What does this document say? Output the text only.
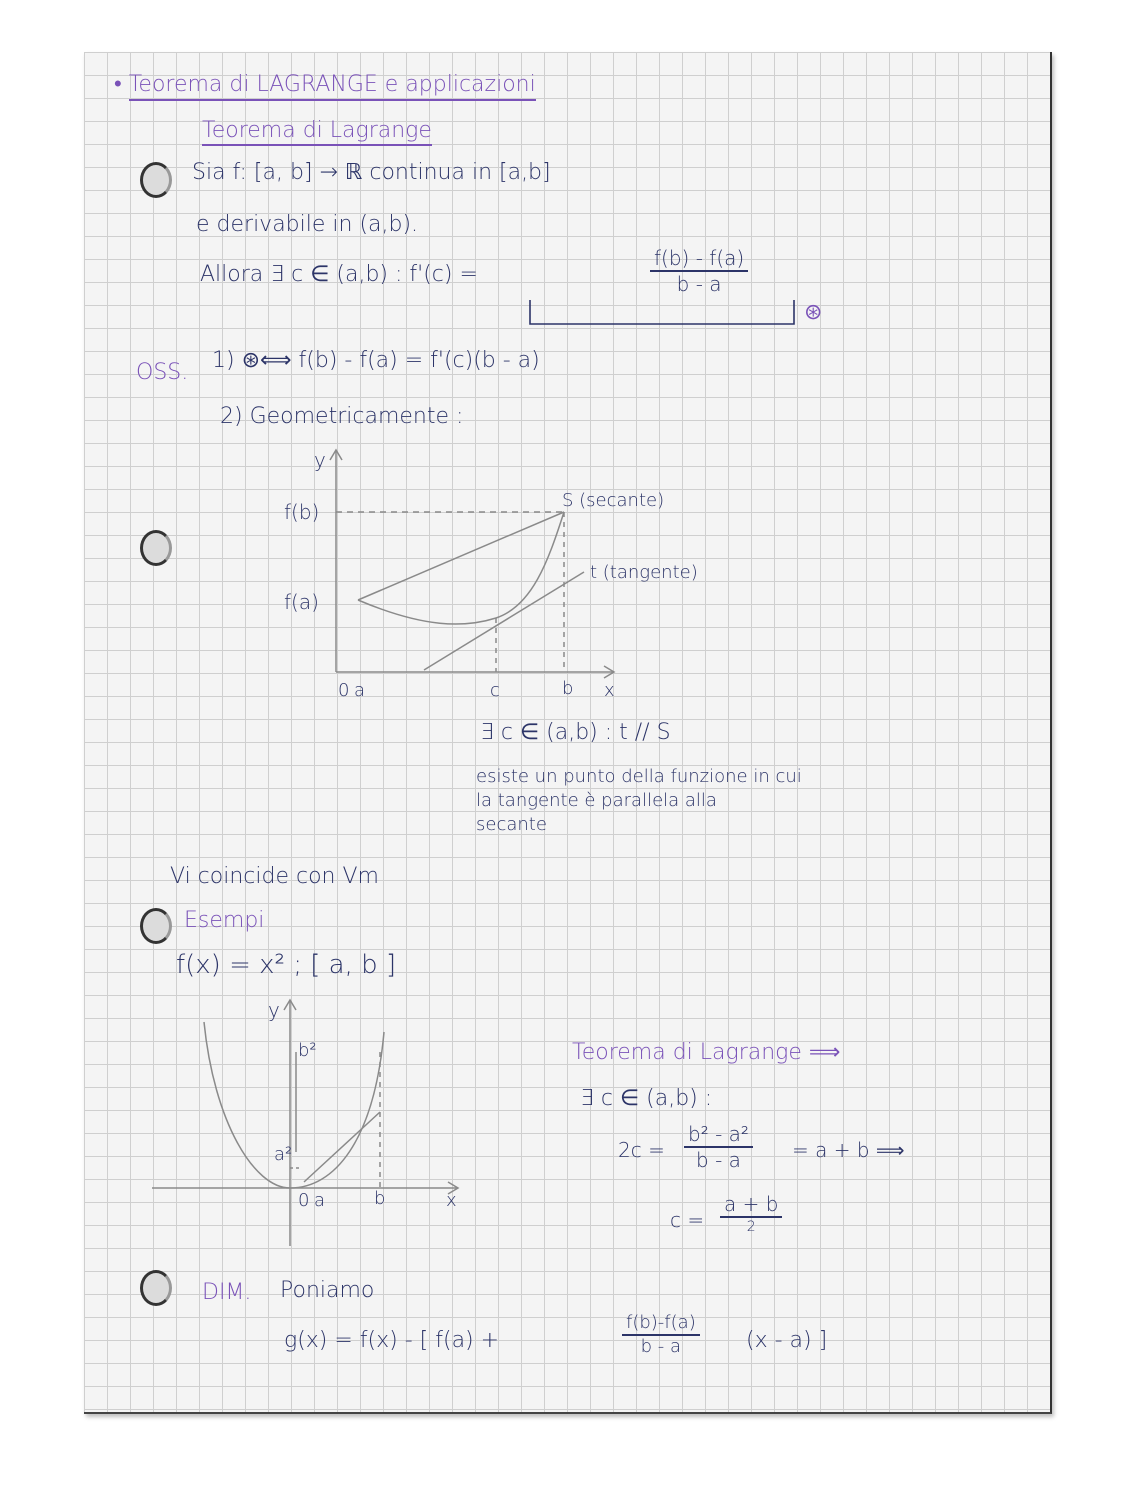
• Teorema di LAGRANGE e applicazioni
Teorema di Lagrange
Sia f: [a, b] → ℝ continua in [a,b]
e derivabile in (a,b).
Allora ∃ c ∈ (a,b) : f'(c) =	$\frac{f(b) - f(a)}{b - a}$
⊛
OSS. 1) ⊛⟺ f(b) - f(a) = f'(c)(b - a)
2) Geometricamente :
y
f(b)
f(a)
S (secante)
t (tangente)
0 a	c	b x
∃ c ∈ (a,b) : t // S
esiste un punto della funzione in cui
la tangente è parallela alla
secante
Vi coincide con Vm
Esempi
f(x) = x² ; [ a, b ]
y
b²
a²
0 a	b	x
Teorema di Lagrange ⟹
∃ c ∈ (a,b) :
$2c = \frac{\text{b² - a²}}{b - a} = a + b$ ⟹
c =
a + b
2
DIM. Poniamo
g(x) = f(x) - [ f(a) +	$\frac{f(b)-f(a)}{b - a} (x - a)$ ]
